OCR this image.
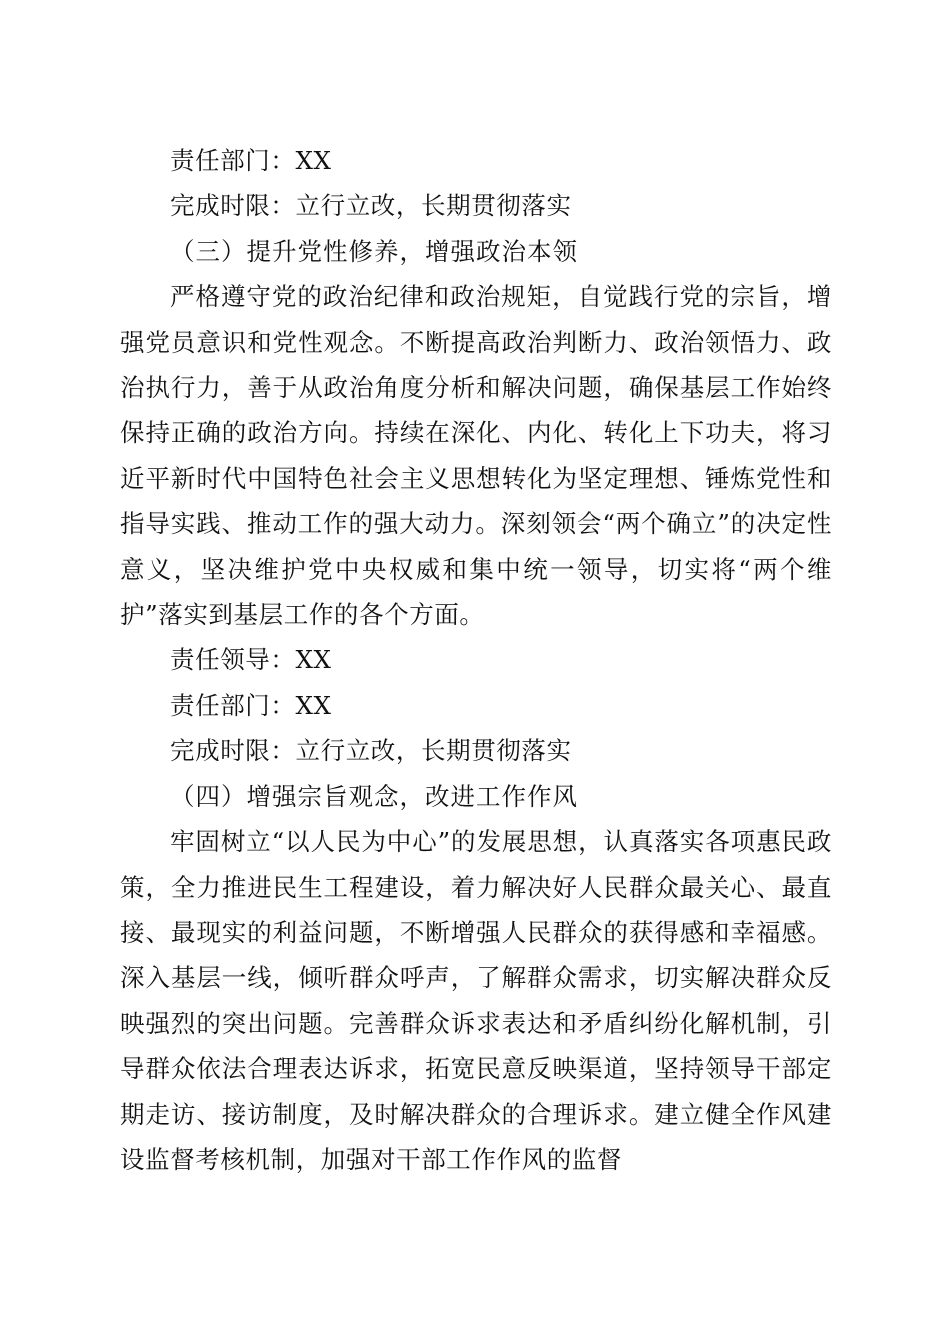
责任部门：XX

完成时限：立行立改，长期贯彻落实

（三）提升党性修养，增强政治本领

严格遵守党的政治纪律和政治规矩，自觉践行党的宗旨，增强党员意识和党性观念。不断提高政治判断力、政治领悟力、政治执行力，善于从政治角度分析和解决问题，确保基层工作始终保持正确的政治方向。持续在深化、内化、转化上下功夫，将习近平新时代中国特色社会主义思想转化为坚定理想、锤炼党性和指导实践、推动工作的强大动力。深刻领会“两个确立”的决定性意义，坚决维护党中央权威和集中统一领导，切实将“两个维护”落实到基层工作的各个方面。

责任领导：XX

责任部门：XX

完成时限：立行立改，长期贯彻落实

（四）增强宗旨观念，改进工作作风

牢固树立“以人民为中心”的发展思想，认真落实各项惠民政策，全力推进民生工程建设，着力解决好人民群众最关心、最直接、最现实的利益问题，不断增强人民群众的获得感和幸福感。深入基层一线，倾听群众呼声，了解群众需求，切实解决群众反映强烈的突出问题。完善群众诉求表达和矛盾纠纷化解机制，引导群众依法合理表达诉求，拓宽民意反映渠道，坚持领导干部定期走访、接访制度，及时解决群众的合理诉求。建立健全作风建设监督考核机制，加强对干部工作作风的监督
